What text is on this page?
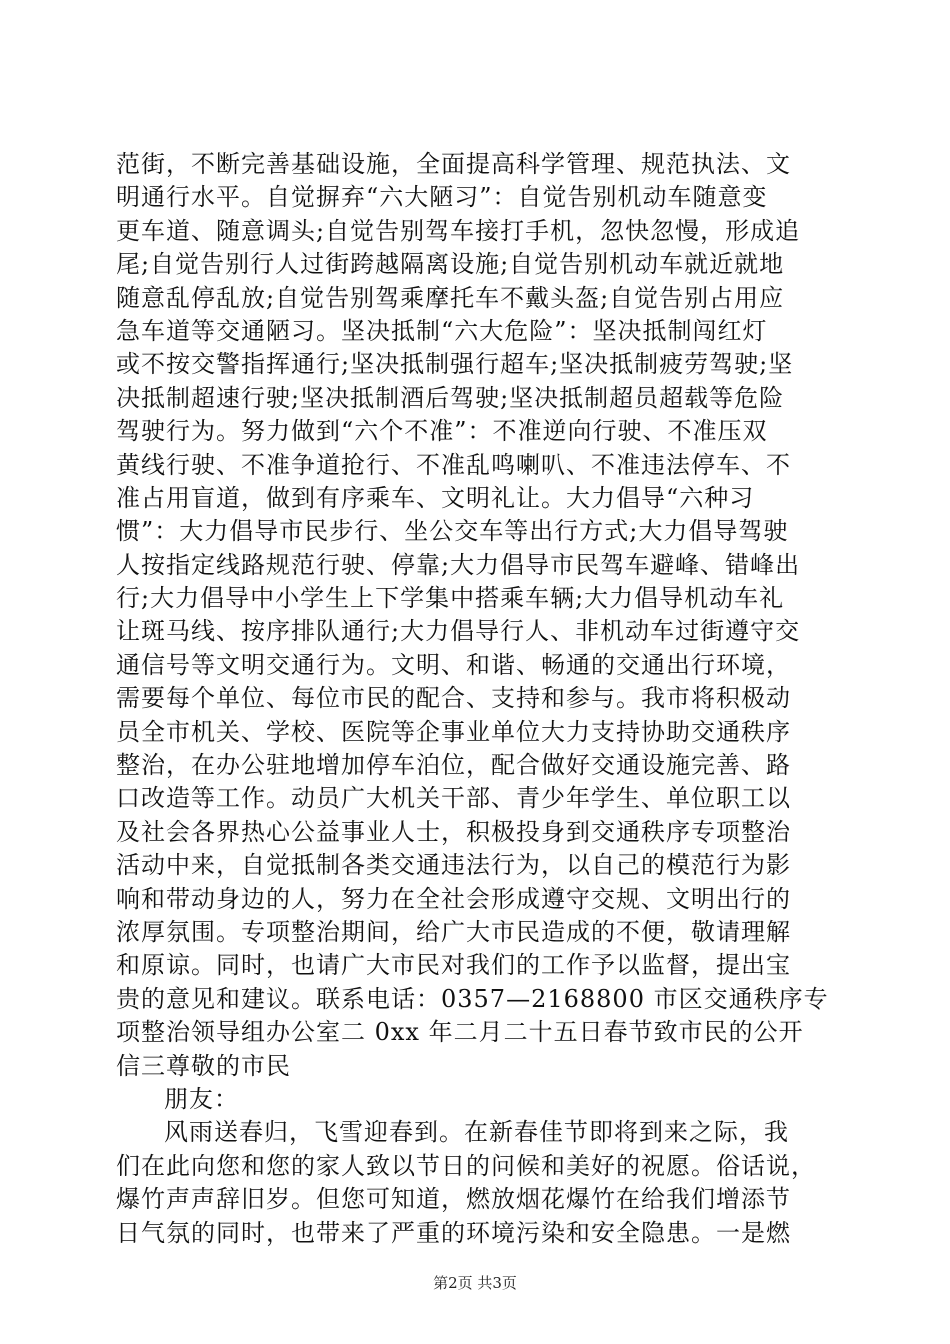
范街，不断完善基础设施，全面提高科学管理、规范执法、文
明通行水平。自觉摒弃“六大陋习”：自觉告别机动车随意变
更车道、随意调头;自觉告别驾车接打手机，忽快忽慢，形成追
尾;自觉告别行人过街跨越隔离设施;自觉告别机动车就近就地
随意乱停乱放;自觉告别驾乘摩托车不戴头盔;自觉告别占用应
急车道等交通陋习。坚决抵制“六大危险”：坚决抵制闯红灯
或不按交警指挥通行;坚决抵制强行超车;坚决抵制疲劳驾驶;坚
决抵制超速行驶;坚决抵制酒后驾驶;坚决抵制超员超载等危险
驾驶行为。努力做到“六个不准”：不准逆向行驶、不准压双
黄线行驶、不准争道抢行、不准乱鸣喇叭、不准违法停车、不
准占用盲道，做到有序乘车、文明礼让。大力倡导“六种习
惯”：大力倡导市民步行、坐公交车等出行方式;大力倡导驾驶
人按指定线路规范行驶、停靠;大力倡导市民驾车避峰、错峰出
行;大力倡导中小学生上下学集中搭乘车辆;大力倡导机动车礼
让斑马线、按序排队通行;大力倡导行人、非机动车过街遵守交
通信号等文明交通行为。文明、和谐、畅通的交通出行环境，
需要每个单位、每位市民的配合、支持和参与。我市将积极动
员全市机关、学校、医院等企事业单位大力支持协助交通秩序
整治，在办公驻地增加停车泊位，配合做好交通设施完善、路
口改造等工作。动员广大机关干部、青少年学生、单位职工以
及社会各界热心公益事业人士，积极投身到交通秩序专项整治
活动中来，自觉抵制各类交通违法行为，以自己的模范行为影
响和带动身边的人，努力在全社会形成遵守交规、文明出行的
浓厚氛围。专项整治期间，给广大市民造成的不便，敬请理解
和原谅。同时，也请广大市民对我们的工作予以监督，提出宝
贵的意见和建议。联系电话：0357—2168800 市区交通秩序专
项整治领导组办公室二 0xx 年二月二十五日春节致市民的公开
信三尊敬的市民
朋友：
风雨送春归，飞雪迎春到。在新春佳节即将到来之际，我
们在此向您和您的家人致以节日的问候和美好的祝愿。俗话说，
爆竹声声辞旧岁。但您可知道，燃放烟花爆竹在给我们增添节
日气氛的同时，也带来了严重的环境污染和安全隐患。一是燃
第2页 共3页
